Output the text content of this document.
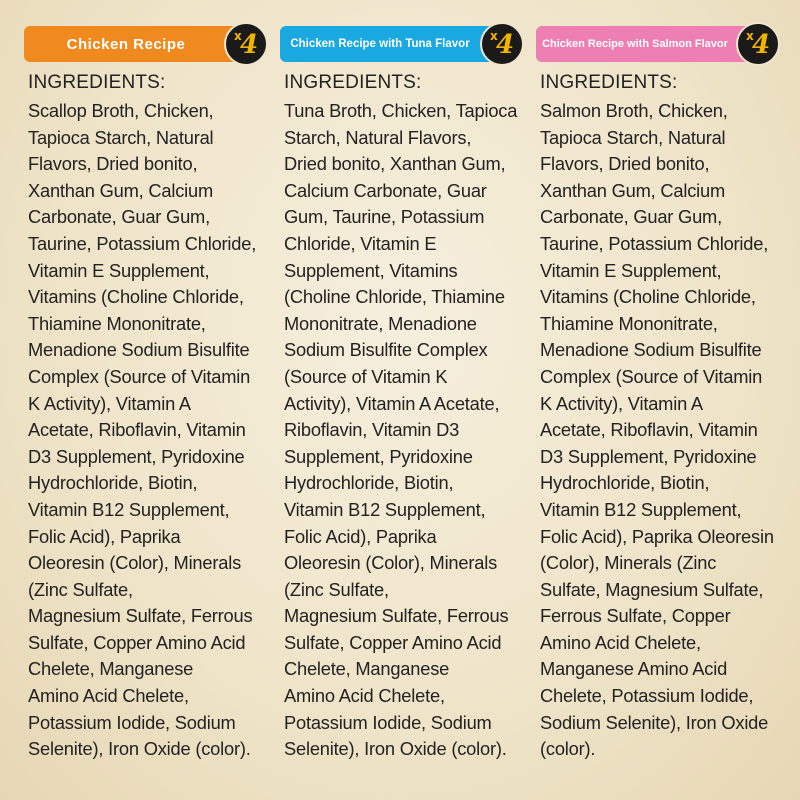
Chicken Recipe	x
4
INGREDIENTS:
Scallop Broth, Chicken,
Tapioca Starch, Natural
Flavors, Dried bonito,
Xanthan Gum, Calcium
Carbonate, Guar Gum,
Taurine, Potassium Chloride,
Vitamin E Supplement,
Vitamins (Choline Chloride,
Thiamine Mononitrate,
Menadione Sodium Bisulfite
Complex (Source of Vitamin
K Activity), Vitamin A
Acetate, Riboflavin, Vitamin
D3 Supplement, Pyridoxine
Hydrochloride, Biotin,
Vitamin B12 Supplement,
Folic Acid), Paprika
Oleoresin (Color), Minerals
(Zinc Sulfate,
Magnesium Sulfate, Ferrous
Sulfate, Copper Amino Acid
Chelete, Manganese
Amino Acid Chelete,
Potassium Iodide, Sodium
Selenite), Iron Oxide (color).
Chicken Recipe with Tuna Flavor
x
4
INGREDIENTS:
Tuna Broth, Chicken, Tapioca
Starch, Natural Flavors,
Dried bonito, Xanthan Gum,
Calcium Carbonate, Guar
Gum, Taurine, Potassium
Chloride, Vitamin E
Supplement, Vitamins
(Choline Chloride, Thiamine
Mononitrate, Menadione
Sodium Bisulfite Complex
(Source of Vitamin K
Activity), Vitamin A Acetate,
Riboflavin, Vitamin D3
Supplement, Pyridoxine
Hydrochloride, Biotin,
Vitamin B12 Supplement,
Folic Acid), Paprika
Oleoresin (Color), Minerals
(Zinc Sulfate,
Magnesium Sulfate, Ferrous
Sulfate, Copper Amino Acid
Chelete, Manganese
Amino Acid Chelete,
Potassium Iodide, Sodium
Selenite), Iron Oxide (color).
Chicken Recipe with Salmon Flavor
x
4
INGREDIENTS:
Salmon Broth, Chicken,
Tapioca Starch, Natural
Flavors, Dried bonito,
Xanthan Gum, Calcium
Carbonate, Guar Gum,
Taurine, Potassium Chloride,
Vitamin E Supplement,
Vitamins (Choline Chloride,
Thiamine Mononitrate,
Menadione Sodium Bisulfite
Complex (Source of Vitamin
K Activity), Vitamin A
Acetate, Riboflavin, Vitamin
D3 Supplement, Pyridoxine
Hydrochloride, Biotin,
Vitamin B12 Supplement,
Folic Acid), Paprika Oleoresin
(Color), Minerals (Zinc
Sulfate, Magnesium Sulfate,
Ferrous Sulfate, Copper
Amino Acid Chelete,
Manganese Amino Acid
Chelete, Potassium Iodide,
Sodium Selenite), Iron Oxide
(color).
